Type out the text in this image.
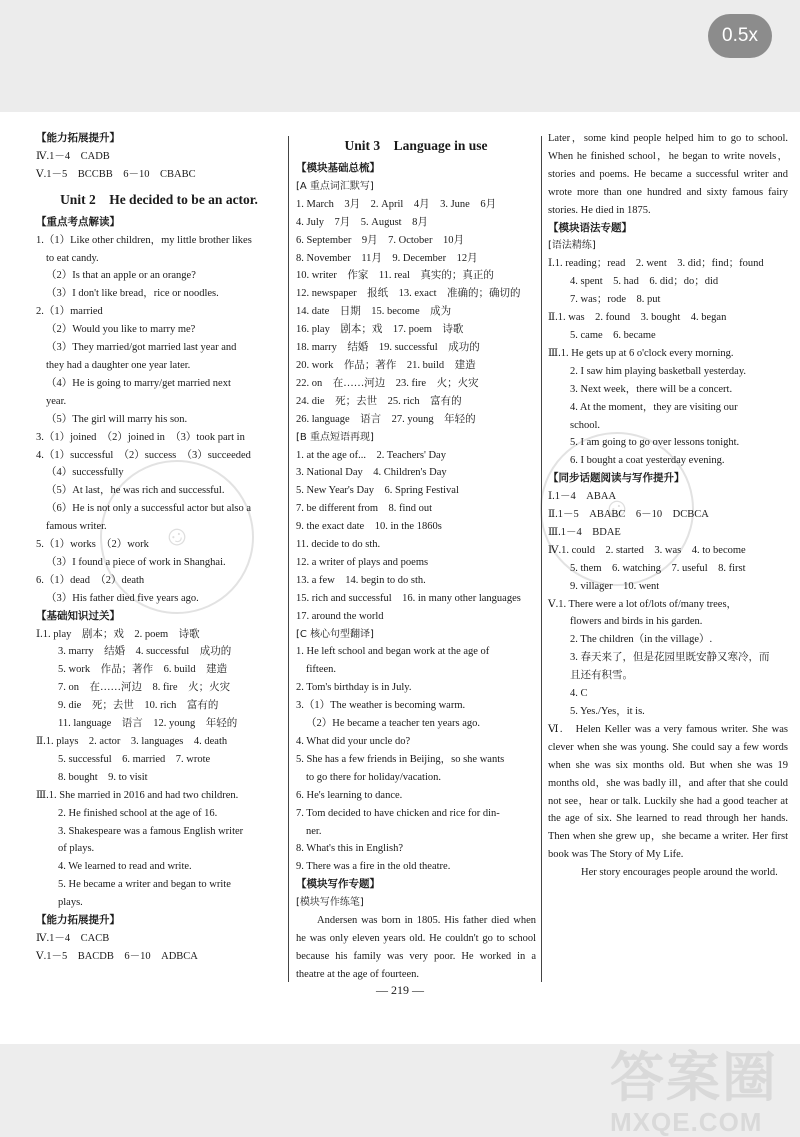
0.5x
☺
☺
【能力拓展提升】
Ⅳ.1－4　CADB
Ⅴ.1－5　BCCBB　6－10　CBABC
Unit 2　He decided to be an actor.
【重点考点解读】
1.（1）Like other children，my little brother likes
to eat candy.
（2）Is that an apple or an orange?
（3）I don't like bread，rice or noodles.
2.（1）married
（2）Would you like to marry me?
（3）They married/got married last year and
they had a daughter one year later.
（4）He is going to marry/get married next
year.
（5）The girl will marry his son.
3.（1）joined　（2）joined in　（3）took part in
4.（1）successful　（2）success　（3）succeeded
（4）successfully
（5）At last，he was rich and successful.
（6）He is not only a successful actor but also a
famous writer.
5.（1）works　（2）work
（3）I found a piece of work in Shanghai.
6.（1）dead　（2）death
（3）His father died five years ago.
【基础知识过关】
Ⅰ.1. play　剧本；戏　2. poem　诗歌
3. marry　结婚　4. successful　成功的
5. work　作品；著作　6. build　建造
7. on　在……河边　8. fire　火；火灾
9. die　死；去世　10. rich　富有的
11. language　语言　12. young　年轻的
Ⅱ.1. plays　2. actor　3. languages　4. death
5. successful　6. married　7. wrote
8. bought　9. to visit
Ⅲ.1. She married in 2016 and had two children.
2. He finished school at the age of 16.
3. Shakespeare was a famous English writer
of plays.
4. We learned to read and write.
5. He became a writer and began to write
plays.
【能力拓展提升】
Ⅳ.1－4　CACB
Ⅴ.1－5　BACDB　6－10　ADBCA
Unit 3　Language in use
【模块基础总梳】
[A 重点词汇默写]
1. March　3月　2. April　4月　3. June　6月
4. July　7月　5. August　8月
6. September　9月　7. October　10月
8. November　11月　9. December　12月
10. writer　作家　11. real　真实的；真正的
12. newspaper　报纸　13. exact　准确的；确切的
14. date　日期　15. become　成为
16. play　剧本；戏　17. poem　诗歌
18. marry　结婚　19. successful　成功的
20. work　作品；著作　21. build　建造
22. on　在……河边　23. fire　火；火灾
24. die　死；去世　25. rich　富有的
26. language　语言　27. young　年轻的
[B 重点短语再现]
1. at the age of...　2. Teachers' Day
3. National Day　4. Children's Day
5. New Year's Day　6. Spring Festival
7. be different from　8. find out
9. the exact date　10. in the 1860s
11. decide to do sth.
12. a writer of plays and poems
13. a few　14. begin to do sth.
15. rich and successful　16. in many other languages
17. around the world
[C 核心句型翻译]
1. He left school and began work at the age of
fifteen.
2. Tom's birthday is in July.
3.（1）The weather is becoming warm.
（2）He became a teacher ten years ago.
4. What did your uncle do?
5. She has a few friends in Beijing，so she wants
to go there for holiday/vacation.
6. He's learning to dance.
7. Tom decided to have chicken and rice for din-
ner.
8. What's this in English?
9. There was a fire in the old theatre.
【模块写作专题】
[模块写作练笔]
Andersen was born in 1805. His father died when he was only eleven years old. He couldn't go to school because his family was very poor. He worked in a theatre at the age of fourteen.
Later，some kind people helped him to go to school. When he finished school，he began to write novels，stories and poems. He became a successful writer and wrote more than one hundred and sixty famous fairy stories. He died in 1875.
【模块语法专题】
[语法精练]
Ⅰ.1. reading；read　2. went　3. did；find；found
4. spent　5. had　6. did；do；did
7. was；rode　8. put
Ⅱ.1. was　2. found　3. bought　4. began
5. came　6. became
Ⅲ.1. He gets up at 6 o'clock every morning.
2. I saw him playing basketball yesterday.
3. Next week，there will be a concert.
4. At the moment，they are visiting our
school.
5. I am going to go over lessons tonight.
6. I bought a coat yesterday evening.
【同步话题阅读与写作提升】
Ⅰ.1－4　ABAA
Ⅱ.1－5　ABABC　6－10　DCBCA
Ⅲ.1－4　BDAE
Ⅳ.1. could　2. started　3. was　4. to become
5. them　6. watching　7. useful　8. first
9. villager　10. went
Ⅴ.1. There were a lot of/lots of/many trees，
flowers and birds in his garden.
2. The children（in the village）.
3. 春天来了，但是花园里既安静又寒冷，而
且还有积雪。
4. C
5. Yes./Yes，it is.
Ⅵ.　Helen Keller was a very famous writer. She was clever when she was young. She could say a few words when she was six months old. But when she was 19 months old，she was badly ill，and after that she could not see，hear or talk. Luckily she had a good teacher at the age of six. She learned to read through her hands. Then when she grew up，she became a writer. Her first book was The Story of My Life.
Her story encourages people around the world.
— 219 —
答案圈
MXQE.COM
